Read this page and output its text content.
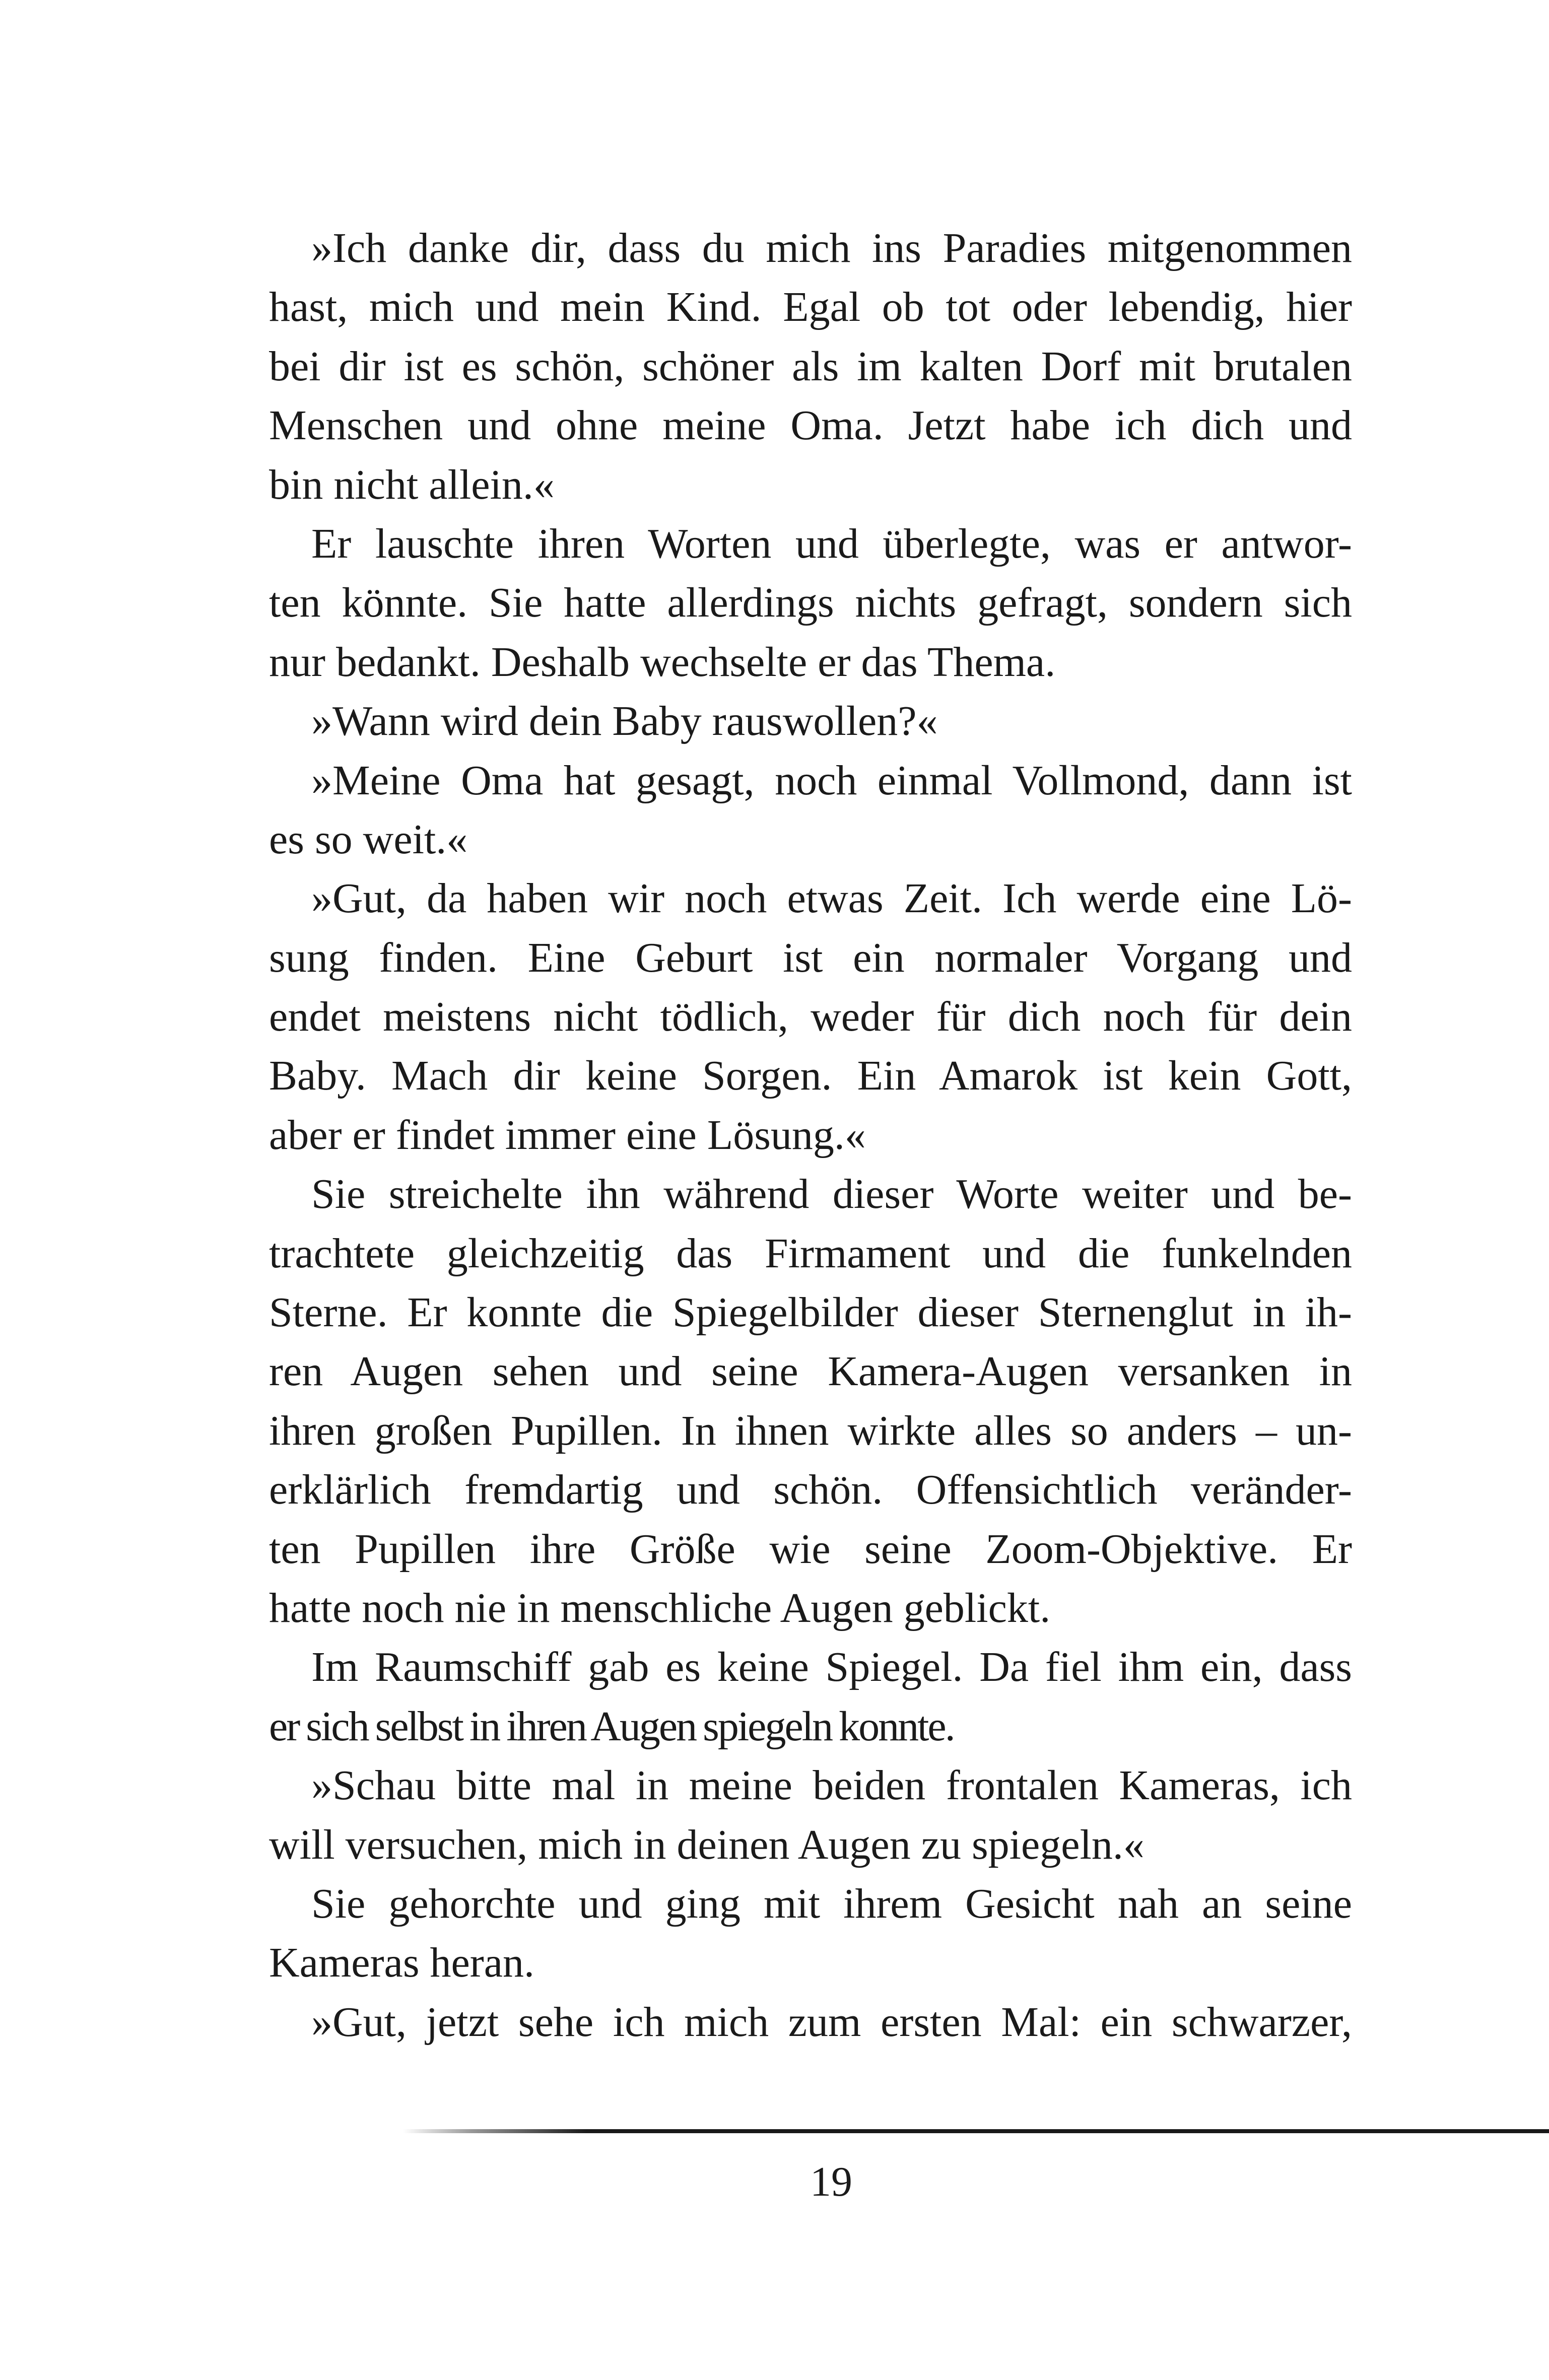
»Ich danke dir, dass du mich ins Paradies mitgenommen
hast, mich und mein Kind. Egal ob tot oder lebendig, hier
bei dir ist es schön, schöner als im kalten Dorf mit brutalen
Menschen und ohne meine Oma. Jetzt habe ich dich und
bin nicht allein.«
Er lauschte ihren Worten und überlegte, was er antwor-
ten könnte. Sie hatte allerdings nichts gefragt, sondern sich
nur bedankt. Deshalb wechselte er das Thema.
»Wann wird dein Baby rauswollen?«
»Meine Oma hat gesagt, noch einmal Vollmond, dann ist
es so weit.«
»Gut, da haben wir noch etwas Zeit. Ich werde eine Lö-
sung finden. Eine Geburt ist ein normaler Vorgang und
endet meistens nicht tödlich, weder für dich noch für dein
Baby. Mach dir keine Sorgen. Ein Amarok ist kein Gott,
aber er findet immer eine Lösung.«
Sie streichelte ihn während dieser Worte weiter und be-
trachtete gleichzeitig das Firmament und die funkelnden
Sterne. Er konnte die Spiegelbilder dieser Sternenglut in ih-
ren Augen sehen und seine Kamera-Augen versanken in
ihren großen Pupillen. In ihnen wirkte alles so anders – un-
erklärlich fremdartig und schön. Offensichtlich veränder-
ten Pupillen ihre Größe wie seine Zoom-Objektive. Er
hatte noch nie in menschliche Augen geblickt.
Im Raumschiff gab es keine Spiegel. Da fiel ihm ein, dass
er sich selbst in ihren Augen spiegeln konnte.
»Schau bitte mal in meine beiden frontalen Kameras, ich
will versuchen, mich in deinen Augen zu spiegeln.«
Sie gehorchte und ging mit ihrem Gesicht nah an seine
Kameras heran.
»Gut, jetzt sehe ich mich zum ersten Mal: ein schwarzer,
19
